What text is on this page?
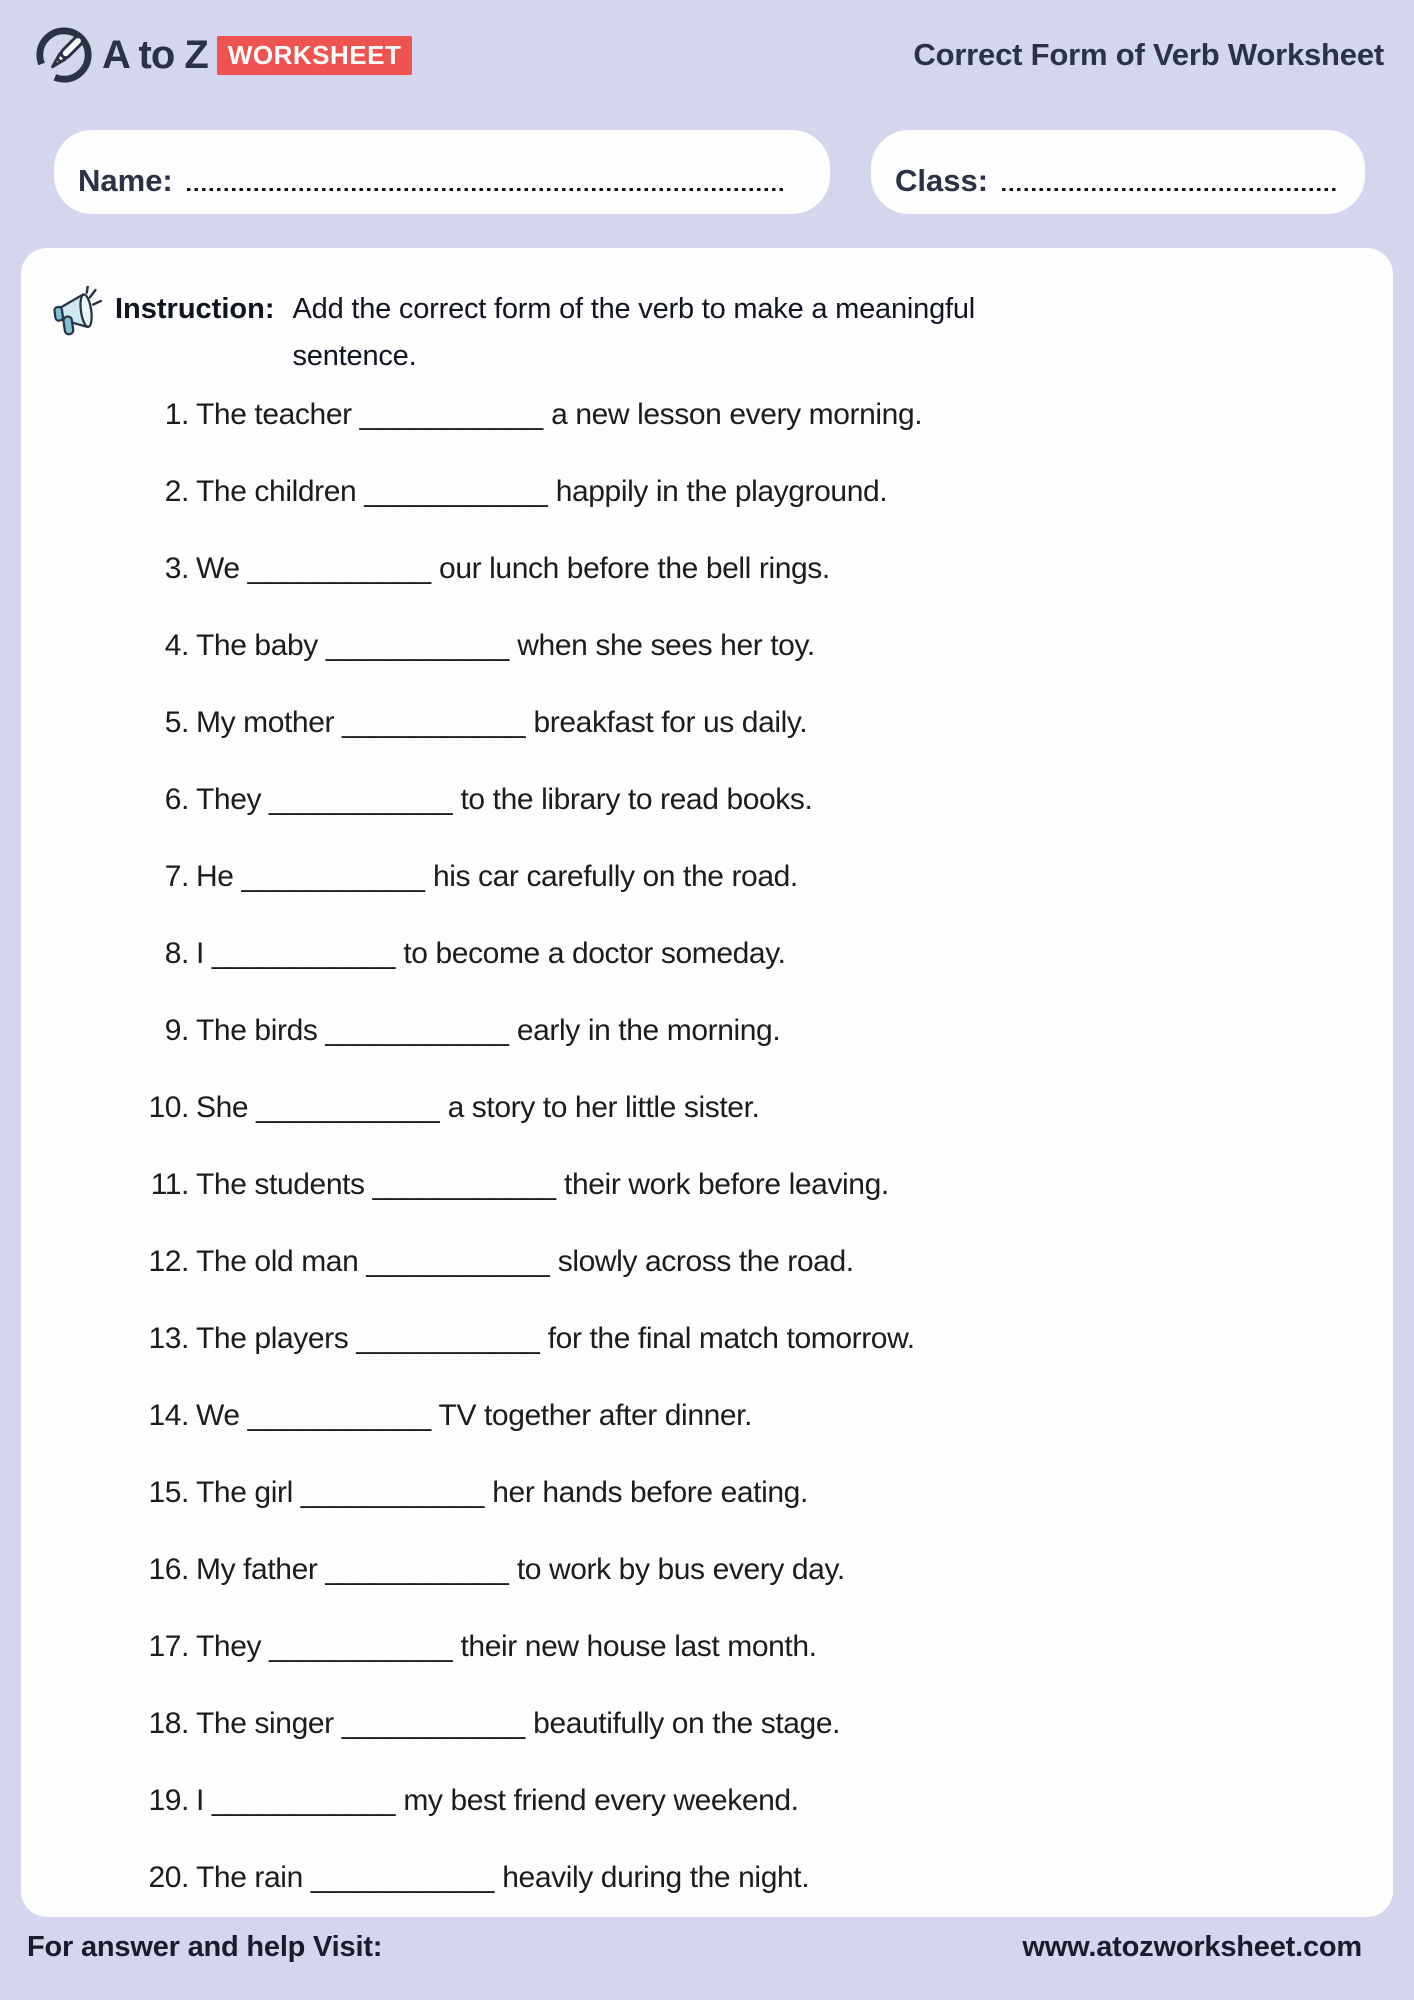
A to Z WORKSHEET	Correct Form of Verb Worksheet
Name:	Class:
Instruction: Add the correct form of the verb to make a meaningful
sentence.
1. The teacher ___________ a new lesson every morning.
2. The children ___________ happily in the playground.
3. We ___________ our lunch before the bell rings.
4. The baby ___________ when she sees her toy.
5. My mother ___________ breakfast for us daily.
6. They ___________ to the library to read books.
7. He ___________ his car carefully on the road.
8. I ___________ to become a doctor someday.
9. The birds ___________ early in the morning.
10. She ___________ a story to her little sister.
11. The students ___________ their work before leaving.
12. The old man ___________ slowly across the road.
13. The players ___________ for the final match tomorrow.
14. We ___________ TV together after dinner.
15. The girl ___________ her hands before eating.
16. My father ___________ to work by bus every day.
17. They ___________ their new house last month.
18. The singer ___________ beautifully on the stage.
19. I ___________ my best friend every weekend.
20. The rain ___________ heavily during the night.
For answer and help Visit:	www.atozworksheet.com
